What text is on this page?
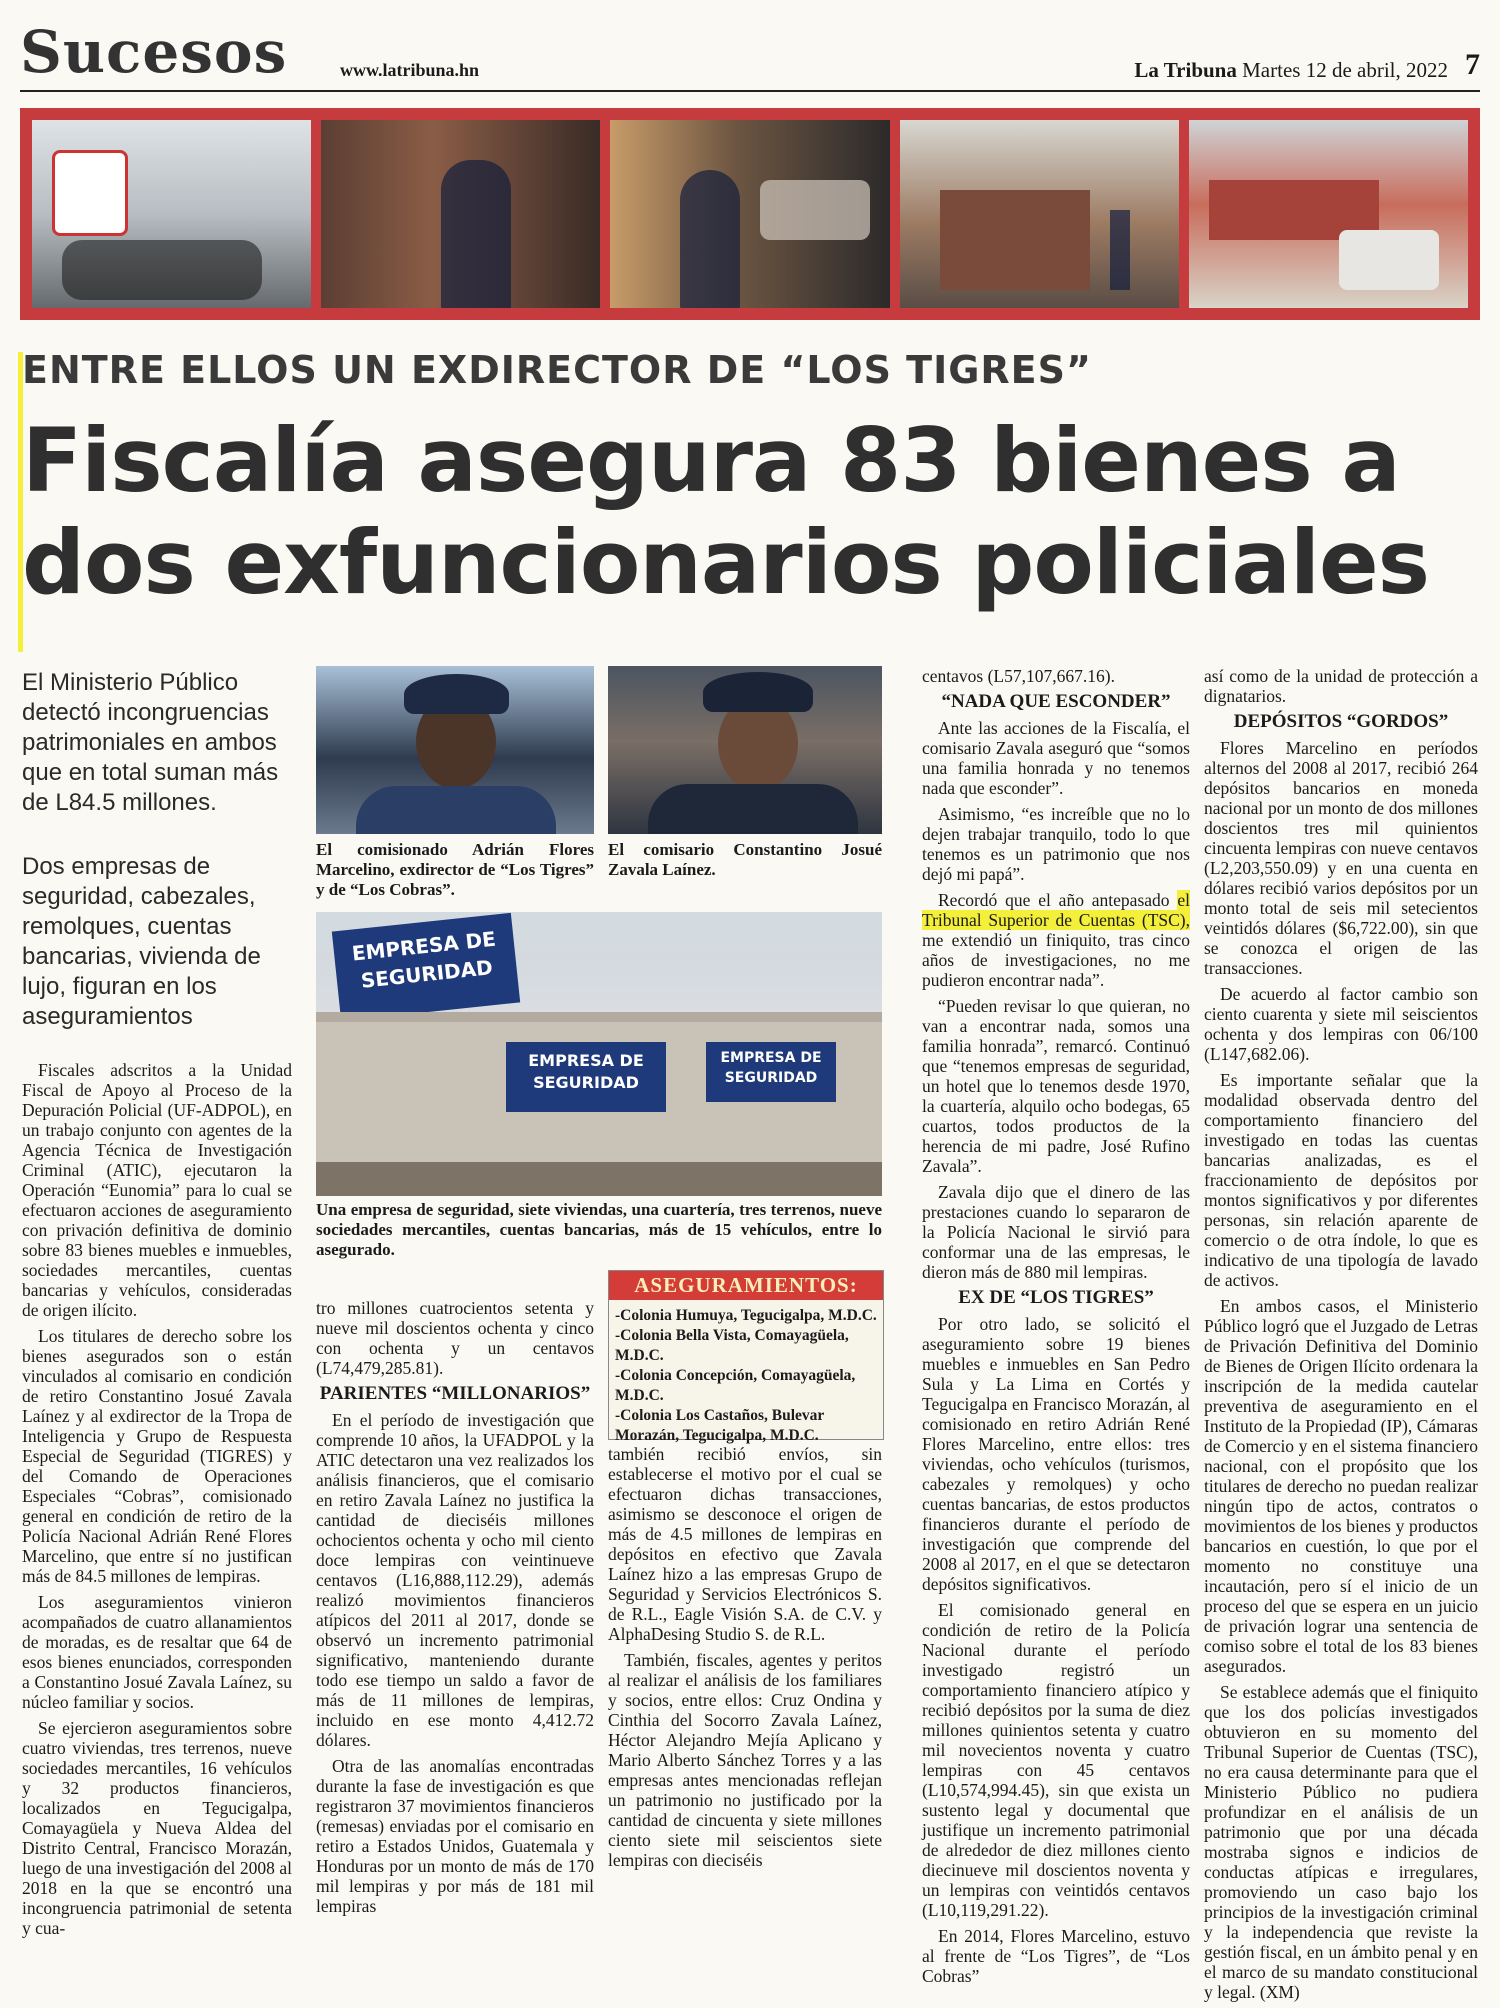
Sucesos	www.latribuna.hn	La Tribuna Martes 12 de abril, 2022 7
ENTRE ELLOS UN EXDIRECTOR DE “LOS TIGRES”
Fiscalía asegura 83 bienes a
dos exfuncionarios policiales
El Ministerio Público detectó incongruencias patrimoniales en ambos que en total suman más de L84.5 millones.
Dos empresas de seguridad, cabezales, remolques, cuentas bancarias, vivienda de lujo, figuran en los aseguramientos

Fiscales adscritos a la Unidad Fiscal de Apoyo al Proceso de la Depuración Policial (UF-ADPOL), en un trabajo conjunto con agentes de la Agencia Técnica de Investigación Criminal (ATIC), ejecutaron la Operación “Eunomia” para lo cual se efectuaron acciones de aseguramiento con privación definitiva de dominio sobre 83 bienes muebles e inmuebles, sociedades mercantiles, cuentas bancarias y vehículos, consideradas de origen ilícito.

Los titulares de derecho sobre los bienes asegurados son o están vinculados al comisario en condición de retiro Constantino Josué Zavala Laínez y al exdirector de la Tropa de Inteligencia y Grupo de Respuesta Especial de Seguridad (TIGRES) y del Comando de Operaciones Especiales “Cobras”, comisionado general en condición de retiro de la Policía Nacional Adrián René Flores Marcelino, que entre sí no justifican más de 84.5 millones de lempiras.

Los aseguramientos vinieron acompañados de cuatro allanamientos de moradas, es de resaltar que 64 de esos bienes enunciados, corresponden a Constantino Josué Zavala Laínez, su núcleo familiar y socios.

Se ejercieron aseguramientos sobre cuatro viviendas, tres terrenos, nueve sociedades mercantiles, 16 vehículos y 32 productos financieros, localizados en Tegucigalpa, Comayagüela y Nueva Aldea del Distrito Central, Francisco Morazán, luego de una investigación del 2008 al 2018 en la que se encontró una incongruencia patrimonial de setenta y cua-

El comisionado Adrián Flores Marcelino, exdirector de “Los Tigres” y de “Los Cobras”.
El comisario Constantino Josué Zavala Laínez.
EMPRESA DE SEGURIDAD
EMPRESA DE SEGURIDAD
EMPRESA DE SEGURIDAD
Una empresa de seguridad, siete viviendas, una cuartería, tres terrenos, nueve sociedades mercantiles, cuentas bancarias, más de 15 vehículos, entre lo asegurado.

tro millones cuatrocientos setenta y nueve mil doscientos ochenta y cinco con ochenta y un centavos (L74,479,285.81).

PARIENTES “MILLONARIOS”

En el período de investigación que comprende 10 años, la UFADPOL y la ATIC detectaron una vez realizados los análisis financieros, que el comisario en retiro Zavala Laínez no justifica la cantidad de dieciséis millones ochocientos ochenta y ocho mil ciento doce lempiras con veintinueve centavos (L16,888,112.29), además realizó movimientos financieros atípicos del 2011 al 2017, donde se observó un incremento patrimonial significativo, manteniendo durante todo ese tiempo un saldo a favor de más de 11 millones de lempiras, incluido en ese monto 4,412.72 dólares.

Otra de las anomalías encontradas durante la fase de investigación es que registraron 37 movimientos financieros (remesas) enviadas por el comisario en retiro a Estados Unidos, Guatemala y Honduras por un monto de más de 170 mil lempiras y por más de 181 mil lempiras

ASEGURAMIENTOS:
-Colonia Humuya, Tegucigalpa, M.D.C.
-Colonia Bella Vista, Comayagüela, M.D.C.
-Colonia Concepción, Comayagüela, M.D.C.
-Colonia Los Castaños, Bulevar Morazán, Tegucigalpa, M.D.C.

también recibió envíos, sin establecerse el motivo por el cual se efectuaron dichas transacciones, asimismo se desconoce el origen de más de 4.5 millones de lempiras en depósitos en efectivo que Zavala Laínez hizo a las empresas Grupo de Seguridad y Servicios Electrónicos S. de R.L., Eagle Visión S.A. de C.V. y AlphaDesing Studio S. de R.L.

También, fiscales, agentes y peritos al realizar el análisis de los familiares y socios, entre ellos: Cruz Ondina y Cinthia del Socorro Zavala Laínez, Héctor Alejandro Mejía Aplicano y Mario Alberto Sánchez Torres y a las empresas antes mencionadas reflejan un patrimonio no justificado por la cantidad de cincuenta y siete millones ciento siete mil seiscientos siete lempiras con dieciséis

centavos (L57,107,667.16).

“NADA QUE ESCONDER”

Ante las acciones de la Fiscalía, el comisario Zavala aseguró que “somos una familia honrada y no tenemos nada que esconder”.

Asimismo, “es increíble que no lo dejen trabajar tranquilo, todo lo que tenemos es un patrimonio que nos dejó mi papá”.

Recordó que el año antepasado el Tribunal Superior de Cuentas (TSC), me extendió un finiquito, tras cinco años de investigaciones, no me pudieron encontrar nada”.

“Pueden revisar lo que quieran, no van a encontrar nada, somos una familia honrada”, remarcó. Continuó que “tenemos empresas de seguridad, un hotel que lo tenemos desde 1970, la cuartería, alquilo ocho bodegas, 65 cuartos, todos productos de la herencia de mi padre, José Rufino Zavala”.

Zavala dijo que el dinero de las prestaciones cuando lo separaron de la Policía Nacional le sirvió para conformar una de las empresas, le dieron más de 880 mil lempiras.

EX DE “LOS TIGRES”

Por otro lado, se solicitó el aseguramiento sobre 19 bienes muebles e inmuebles en San Pedro Sula y La Lima en Cortés y Tegucigalpa en Francisco Morazán, al comisionado en retiro Adrián René Flores Marcelino, entre ellos: tres viviendas, ocho vehículos (turismos, cabezales y remolques) y ocho cuentas bancarias, de estos productos financieros durante el período de investigación que comprende del 2008 al 2017, en el que se detectaron depósitos significativos.

El comisionado general en condición de retiro de la Policía Nacional durante el período investigado registró un comportamiento financiero atípico y recibió depósitos por la suma de diez millones quinientos setenta y cuatro mil novecientos noventa y cuatro lempiras con 45 centavos (L10,574,994.45), sin que exista un sustento legal y documental que justifique un incremento patrimonial de alrededor de diez millones ciento diecinueve mil doscientos noventa y un lempiras con veintidós centavos (L10,119,291.22).

En 2014, Flores Marcelino, estuvo al frente de “Los Tigres”, de “Los Cobras”

así como de la unidad de protección a dignatarios.

DEPÓSITOS “GORDOS”

Flores Marcelino en períodos alternos del 2008 al 2017, recibió 264 depósitos bancarios en moneda nacional por un monto de dos millones doscientos tres mil quinientos cincuenta lempiras con nueve centavos (L2,203,550.09) y en una cuenta en dólares recibió varios depósitos por un monto total de seis mil setecientos veintidós dólares ($6,722.00), sin que se conozca el origen de las transacciones.

De acuerdo al factor cambio son ciento cuarenta y siete mil seiscientos ochenta y dos lempiras con 06/100 (L147,682.06).

Es importante señalar que la modalidad observada dentro del comportamiento financiero del investigado en todas las cuentas bancarias analizadas, es el fraccionamiento de depósitos por montos significativos y por diferentes personas, sin relación aparente de comercio o de otra índole, lo que es indicativo de una tipología de lavado de activos.

En ambos casos, el Ministerio Público logró que el Juzgado de Letras de Privación Definitiva del Dominio de Bienes de Origen Ilícito ordenara la inscripción de la medida cautelar preventiva de aseguramiento en el Instituto de la Propiedad (IP), Cámaras de Comercio y en el sistema financiero nacional, con el propósito que los titulares de derecho no puedan realizar ningún tipo de actos, contratos o movimientos de los bienes y productos bancarios en cuestión, lo que por el momento no constituye una incautación, pero sí el inicio de un proceso del que se espera en un juicio de privación lograr una sentencia de comiso sobre el total de los 83 bienes asegurados.

Se establece además que el finiquito que los dos policías investigados obtuvieron en su momento del Tribunal Superior de Cuentas (TSC), no era causa determinante para que el Ministerio Público no pudiera profundizar en el análisis de un patrimonio que por una década mostraba signos e indicios de conductas atípicas e irregulares, promoviendo un caso bajo los principios de la investigación criminal y la independencia que reviste la gestión fiscal, en un ámbito penal y en el marco de su mandato constitucional y legal. (XM)
